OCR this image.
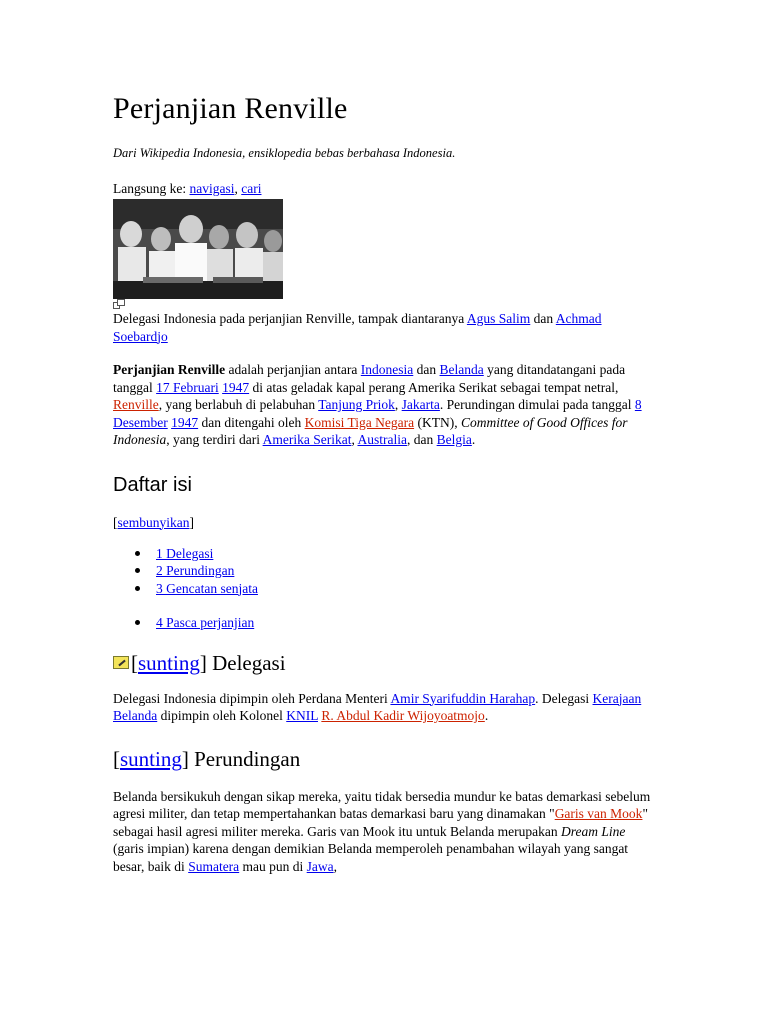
Perjanjian Renville
Dari Wikipedia Indonesia, ensiklopedia bebas berbahasa Indonesia.
Langsung ke: navigasi, cari
Delegasi Indonesia pada perjanjian Renville, tampak diantaranya Agus Salim dan Achmad Soebardjo

Perjanjian Renville adalah perjanjian antara Indonesia dan Belanda yang ditandatangani pada tanggal 17 Februari 1947 di atas geladak kapal perang Amerika Serikat sebagai tempat netral, Renville, yang berlabuh di pelabuhan Tanjung Priok, Jakarta. Perundingan dimulai pada tanggal 8 Desember 1947 dan ditengahi oleh Komisi Tiga Negara (KTN), Committee of Good Offices for Indonesia, yang terdiri dari Amerika Serikat, Australia, dan Belgia.

Daftar isi
[sembunyikan]
1 Delegasi
2 Perundingan
3 Gencatan senjata
4 Pasca perjanjian
[ sunting ]
Delegasi

Delegasi Indonesia dipimpin oleh Perdana Menteri Amir Syarifuddin Harahap. Delegasi Kerajaan Belanda dipimpin oleh Kolonel KNIL R. Abdul Kadir Wijoyoatmojo.

[sunting] Perundingan

Belanda bersikukuh dengan sikap mereka, yaitu tidak bersedia mundur ke batas demarkasi sebelum agresi militer, dan tetap mempertahankan batas demarkasi baru yang dinamakan "Garis van Mook" sebagai hasil agresi militer mereka. Garis van Mook itu untuk Belanda merupakan Dream Line (garis impian) karena dengan demikian Belanda memperoleh penambahan wilayah yang sangat besar, baik di Sumatera mau pun di Jawa,
